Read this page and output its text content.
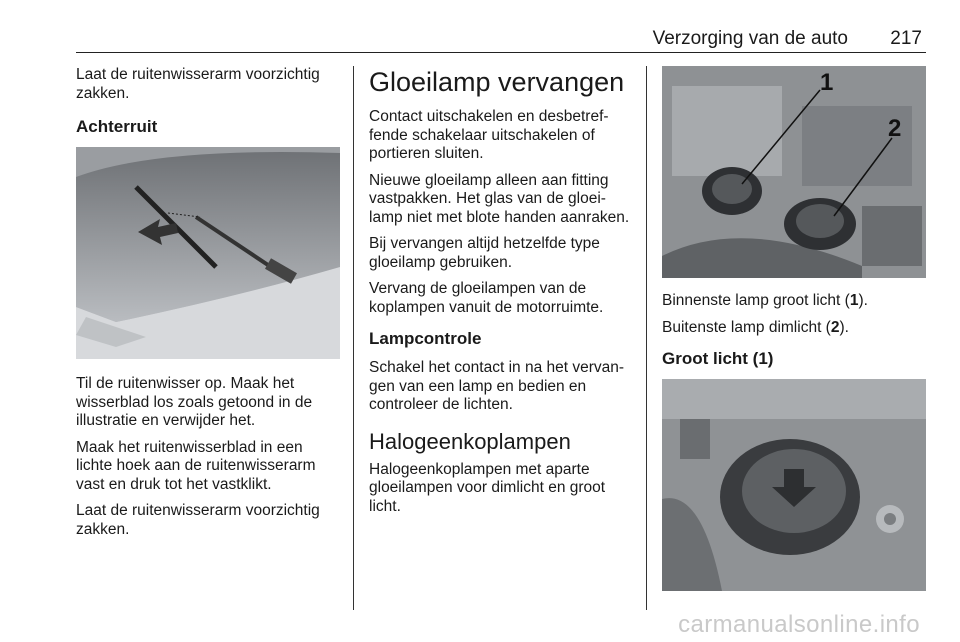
Verzorging van de auto 217

Laat de ruitenwisserarm voorzichtig zakken.

Achterruit

Til de ruitenwisser op. Maak het wisserblad los zoals getoond in de illustratie en verwijder het.

Maak het ruitenwisserblad in een lichte hoek aan de ruitenwisserarm vast en druk tot het vastklikt.

Laat de ruitenwisserarm voorzichtig zakken.

Gloeilamp vervangen

Contact uitschakelen en desbetref-fende schakelaar uitschakelen of portieren sluiten.

Nieuwe gloeilamp alleen aan fitting vastpakken. Het glas van de gloei-lamp niet met blote handen aanraken.

Bij vervangen altijd hetzelfde type gloeilamp gebruiken.

Vervang de gloeilampen van de koplampen vanuit de motorruimte.

Lampcontrole

Schakel het contact in na het vervan-gen van een lamp en bedien en controleer de lichten.

Halogeenkoplampen

Halogeenkoplampen met aparte gloeilampen voor dimlicht en groot licht.

1
2

Binnenste lamp groot licht (1).

Buitenste lamp dimlicht (2).

Groot licht (1)
carmanualsonline.info
